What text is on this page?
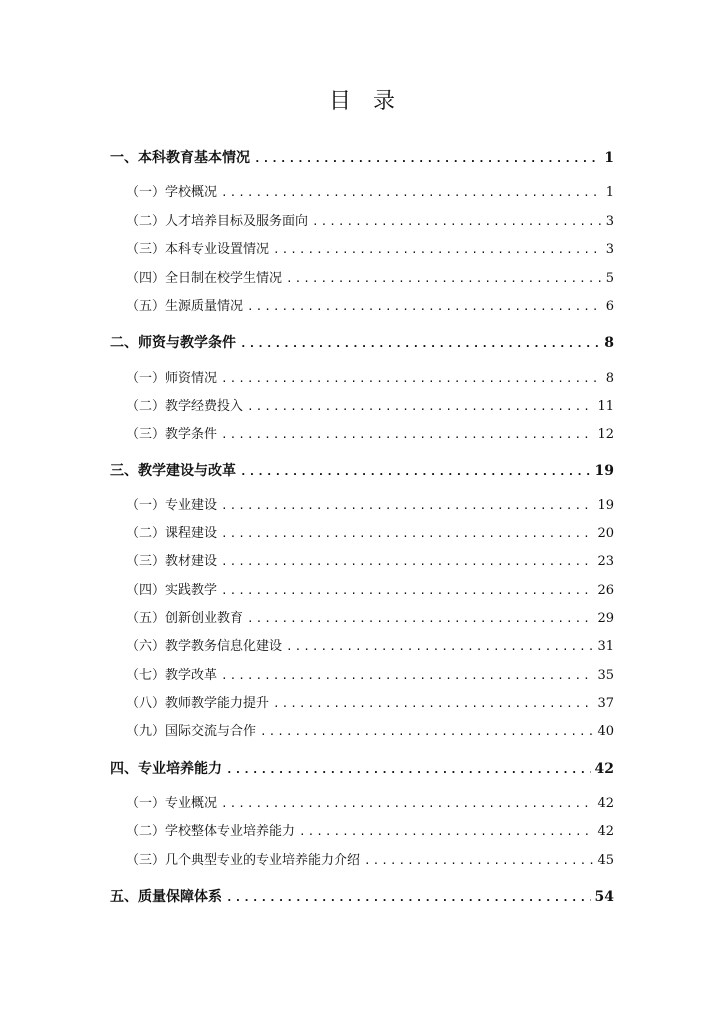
目 录
一、本科教育基本情况 .....	1
（一）学校概况 .....	1
（二）人才培养目标及服务面向 .....	3
（三）本科专业设置情况 .....	3
（四）全日制在校学生情况 .....	5
（五）生源质量情况 .....	6
二、师资与教学条件 .....	8
（一）师资情况 .....	8
（二）教学经费投入 .....	11
（三）教学条件 .....	12
三、教学建设与改革 .....	19
（一）专业建设 .....	19
（二）课程建设 .....	20
（三）教材建设 .....	23
（四）实践教学 .....	26
（五）创新创业教育 .....	29
（六）教学教务信息化建设 .....	31
（七）教学改革 .....	35
（八）教师教学能力提升 .....	37
（九）国际交流与合作 .....	40
四、专业培养能力 .....	42
（一）专业概况 .....	42
（二）学校整体专业培养能力 .....	42
（三）几个典型专业的专业培养能力介绍 .....	45
五、质量保障体系 .....	54
